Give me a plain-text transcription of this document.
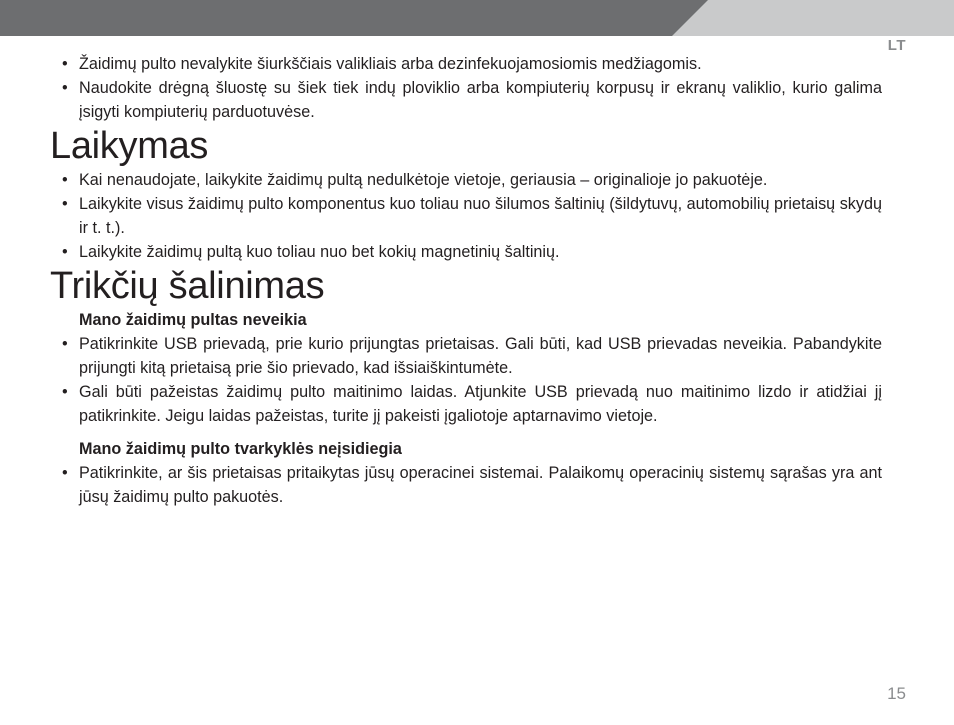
LT
• Žaidimų pulto nevalykite šiurkščiais valikliais arba dezinfekuojamosiomis medžiagomis.
• Naudokite drėgną šluostę su šiek tiek indų ploviklio arba kompiuterių korpusų ir ekranų valiklio, kurio galima įsigyti kompiuterių parduotuvėse.
Laikymas
• Kai nenaudojate, laikykite žaidimų pultą nedulkėtoje vietoje, geriausia – originalioje jo pakuotėje.
• Laikykite visus žaidimų pulto komponentus kuo toliau nuo šilumos šaltinių (šildytuvų, automobilių prietaisų skydų ir t. t.).
• Laikykite žaidimų pultą kuo toliau nuo bet kokių magnetinių šaltinių.
Trikčių šalinimas
Mano žaidimų pultas neveikia
• Patikrinkite USB prievadą, prie kurio prijungtas prietaisas. Gali būti, kad USB prievadas neveikia. Pabandykite prijungti kitą prietaisą prie šio prievado, kad išsiaiškintumėte.
• Gali būti pažeistas žaidimų pulto maitinimo laidas. Atjunkite USB prievadą nuo maitinimo lizdo ir atidžiai jį patikrinkite. Jeigu laidas pažeistas, turite jį pakeisti įgaliotoje aptarnavimo vietoje.
Mano žaidimų pulto tvarkyklės neįsidiegia
• Patikrinkite, ar šis prietaisas pritaikytas jūsų operacinei sistemai. Palaikomų operacinių sistemų sąrašas yra ant jūsų žaidimų pulto pakuotės.
15
